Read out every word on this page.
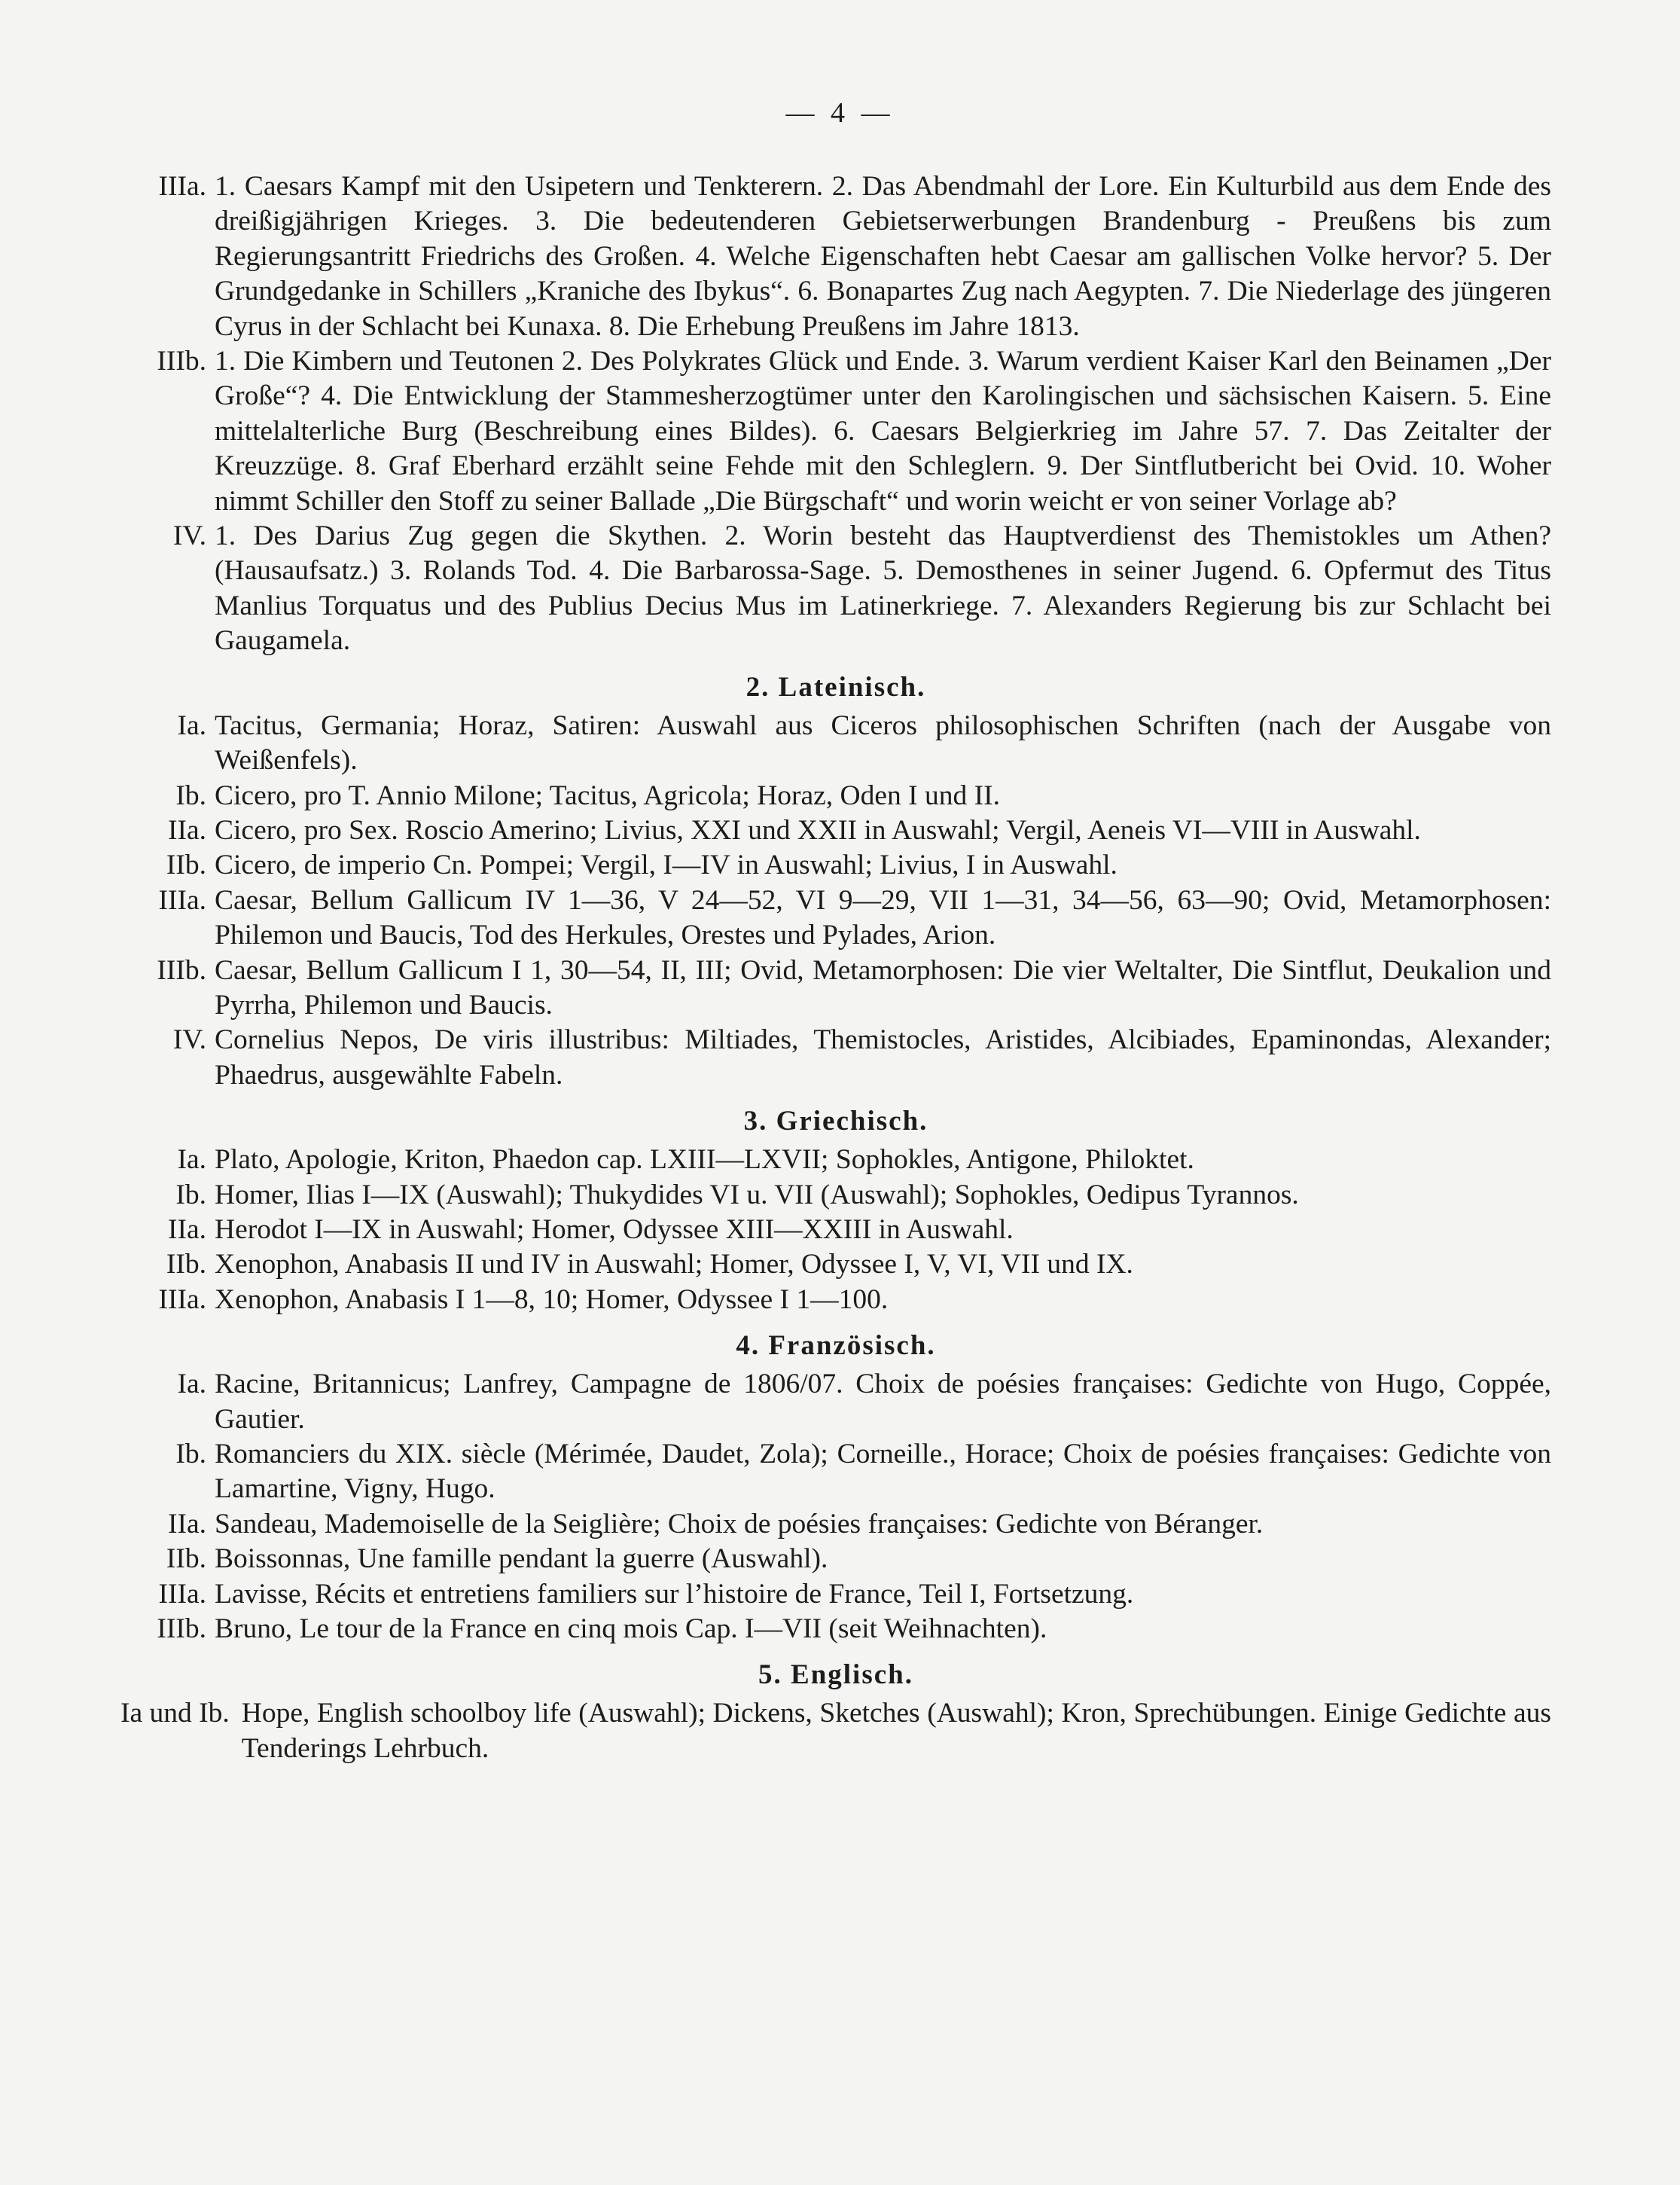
— 4 —
IIIa. 1. Caesars Kampf mit den Usipetern und Tenkterern. 2. Das Abendmahl der Lore. Ein Kulturbild aus dem Ende des dreißigjährigen Krieges. 3. Die bedeutenderen Gebietserwerbungen Brandenburg - Preußens bis zum Regierungsantritt Friedrichs des Großen. 4. Welche Eigenschaften hebt Caesar am gallischen Volke hervor? 5. Der Grundgedanke in Schillers „Kraniche des Ibykus“. 6. Bonapartes Zug nach Aegypten. 7. Die Niederlage des jüngeren Cyrus in der Schlacht bei Kunaxa. 8. Die Erhebung Preußens im Jahre 1813.
IIIb. 1. Die Kimbern und Teutonen 2. Des Polykrates Glück und Ende. 3. Warum verdient Kaiser Karl den Beinamen „Der Große“? 4. Die Entwicklung der Stammesherzogtümer unter den Karolingischen und sächsischen Kaisern. 5. Eine mittelalterliche Burg (Beschreibung eines Bildes). 6. Caesars Belgierkrieg im Jahre 57. 7. Das Zeitalter der Kreuzzüge. 8. Graf Eberhard erzählt seine Fehde mit den Schleglern. 9. Der Sintflutbericht bei Ovid. 10. Woher nimmt Schiller den Stoff zu seiner Ballade „Die Bürgschaft“ und worin weicht er von seiner Vorlage ab?
IV. 1. Des Darius Zug gegen die Skythen. 2. Worin besteht das Hauptverdienst des Themistokles um Athen? (Hausaufsatz.) 3. Rolands Tod. 4. Die Barbarossa-Sage. 5. Demosthenes in seiner Jugend. 6. Opfermut des Titus Manlius Torquatus und des Publius Decius Mus im Latinerkriege. 7. Alexanders Regierung bis zur Schlacht bei Gaugamela.
2. Lateinisch.
Ia. Tacitus, Germania; Horaz, Satiren: Auswahl aus Ciceros philosophischen Schriften (nach der Ausgabe von Weißenfels).
Ib. Cicero, pro T. Annio Milone; Tacitus, Agricola; Horaz, Oden I und II.
IIa. Cicero, pro Sex. Roscio Amerino; Livius, XXI und XXII in Auswahl; Vergil, Aeneis VI—VIII in Auswahl.
IIb. Cicero, de imperio Cn. Pompei; Vergil, I—IV in Auswahl; Livius, I in Auswahl.
IIIa. Caesar, Bellum Gallicum IV 1—36, V 24—52, VI 9—29, VII 1—31, 34—56, 63—90; Ovid, Metamorphosen: Philemon und Baucis, Tod des Herkules, Orestes und Pylades, Arion.
IIIb. Caesar, Bellum Gallicum I 1, 30—54, II, III; Ovid, Metamorphosen: Die vier Weltalter, Die Sintflut, Deukalion und Pyrrha, Philemon und Baucis.
IV. Cornelius Nepos, De viris illustribus: Miltiades, Themistocles, Aristides, Alcibiades, Epaminondas, Alexander; Phaedrus, ausgewählte Fabeln.
3. Griechisch.
Ia. Plato, Apologie, Kriton, Phaedon cap. LXIII—LXVII; Sophokles, Antigone, Philoktet.
Ib. Homer, Ilias I—IX (Auswahl); Thukydides VI u. VII (Auswahl); Sophokles, Oedipus Tyrannos.
IIa. Herodot I—IX in Auswahl; Homer, Odyssee XIII—XXIII in Auswahl.
IIb. Xenophon, Anabasis II und IV in Auswahl; Homer, Odyssee I, V, VI, VII und IX.
IIIa. Xenophon, Anabasis I 1—8, 10; Homer, Odyssee I 1—100.
4. Französisch.
Ia. Racine, Britannicus; Lanfrey, Campagne de 1806/07. Choix de poésies françaises: Gedichte von Hugo, Coppée, Gautier.
Ib. Romanciers du XIX. siècle (Mérimée, Daudet, Zola); Corneille., Horace; Choix de poésies françaises: Gedichte von Lamartine, Vigny, Hugo.
IIa. Sandeau, Mademoiselle de la Seiglière; Choix de poésies françaises: Gedichte von Béranger.
IIb. Boissonnas, Une famille pendant la guerre (Auswahl).
IIIa. Lavisse, Récits et entretiens familiers sur l’histoire de France, Teil I, Fortsetzung.
IIIb. Bruno, Le tour de la France en cinq mois Cap. I—VII (seit Weihnachten).
5. Englisch.
Ia und Ib. Hope, English schoolboy life (Auswahl); Dickens, Sketches (Auswahl); Kron, Sprechübungen. Einige Gedichte aus Tenderings Lehrbuch.
